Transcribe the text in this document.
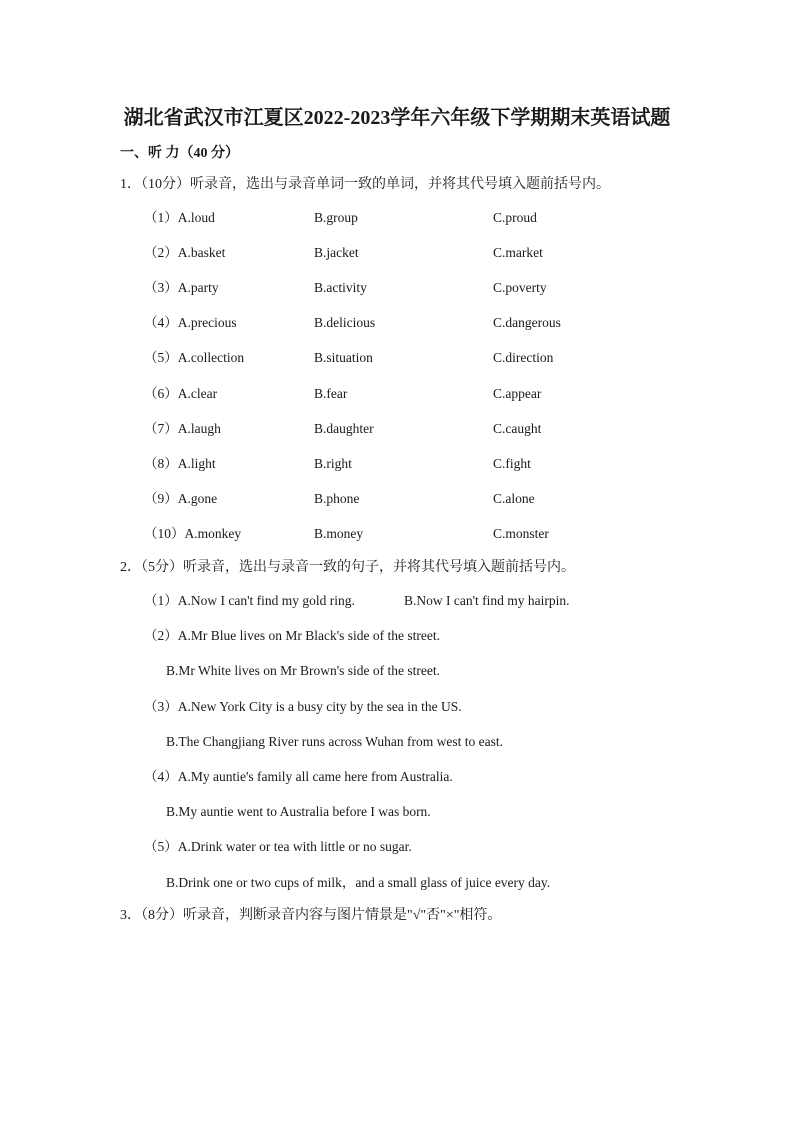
湖北省武汉市江夏区2022-2023学年六年级下学期期末英语试题
一、听 力（40 分）
1．（10分）听录音，选出与录音单词一致的单词，并将其代号填入题前括号内。
（1）A.loud	B.group	C.proud
（2）A.basket	B.jacket	C.market
（3）A.party	B.activity	C.poverty
（4）A.precious	B.delicious	C.dangerous
（5）A.collection	B.situation	C.direction
（6）A.clear	B.fear	C.appear
（7）A.laugh	B.daughter	C.caught
（8）A.light	B.right	C.fight
（9）A.gone	B.phone	C.alone
（10）A.monkey	B.money	C.monster
2．（5分）听录音，选出与录音一致的句子，并将其代号填入题前括号内。
（1）A.Now I can't find my gold ring.	B.Now I can't find my hairpin.
（2）A.Mr Blue lives on Mr Black's side of the street.
B.Mr White lives on Mr Brown's side of the street.
（3）A.New York City is a busy city by the sea in the US.
B.The Changjiang River runs across Wuhan from west to east.
（4）A.My auntie's family all came here from Australia.
B.My auntie went to Australia before I was born.
（5）A.Drink water or tea with little or no sugar.
B.Drink one or two cups of milk，and a small glass of juice every day.
3．（8分）听录音，判断录音内容与图片情景是"√"否"×"相符。
